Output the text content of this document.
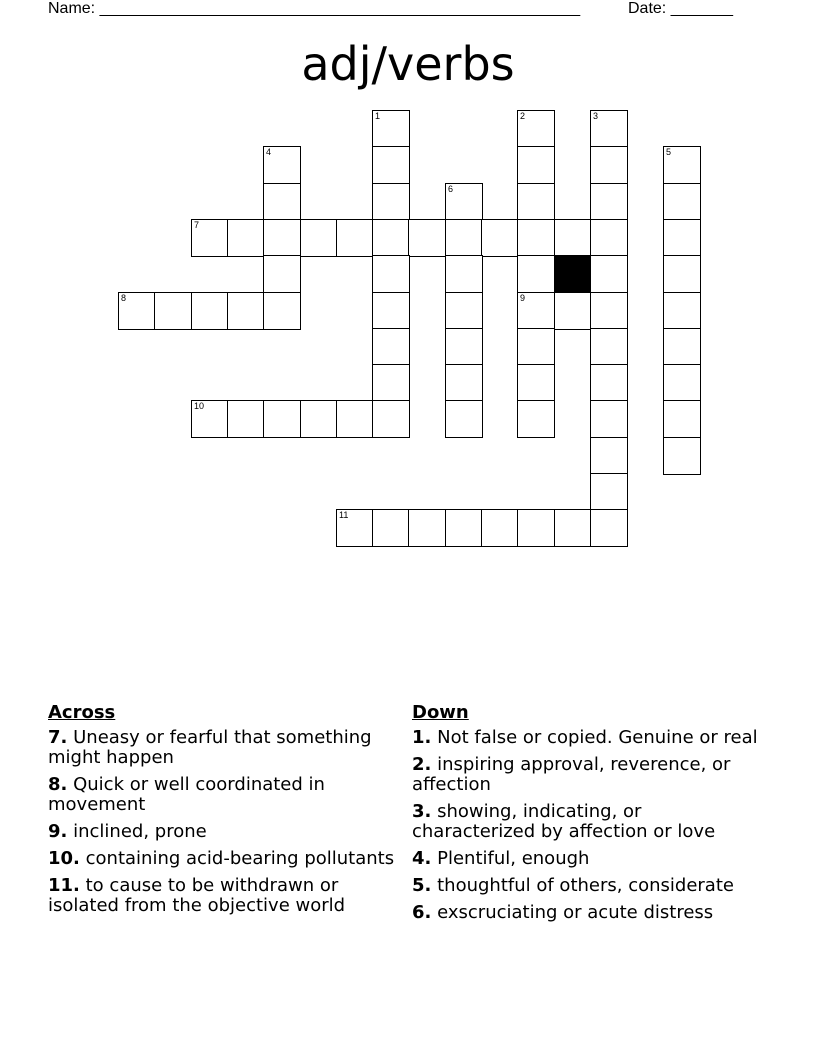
Name: ______________________________________________________	Date: _______
adj/verbs
1	2	3
4	5
6
7
8	9
10
11
Across
7. Uneasy or fearful that something might happen
8. Quick or well coordinated in movement
9. inclined, prone
10. containing acid-bearing pollutants
11. to cause to be withdrawn or isolated from the objective world
Down
1. Not false or copied. Genuine or real
2. inspiring approval, reverence, or affection
3. showing, indicating, or characterized by affection or love
4. Plentiful, enough
5. thoughtful of others, considerate
6. exscruciating or acute distress
